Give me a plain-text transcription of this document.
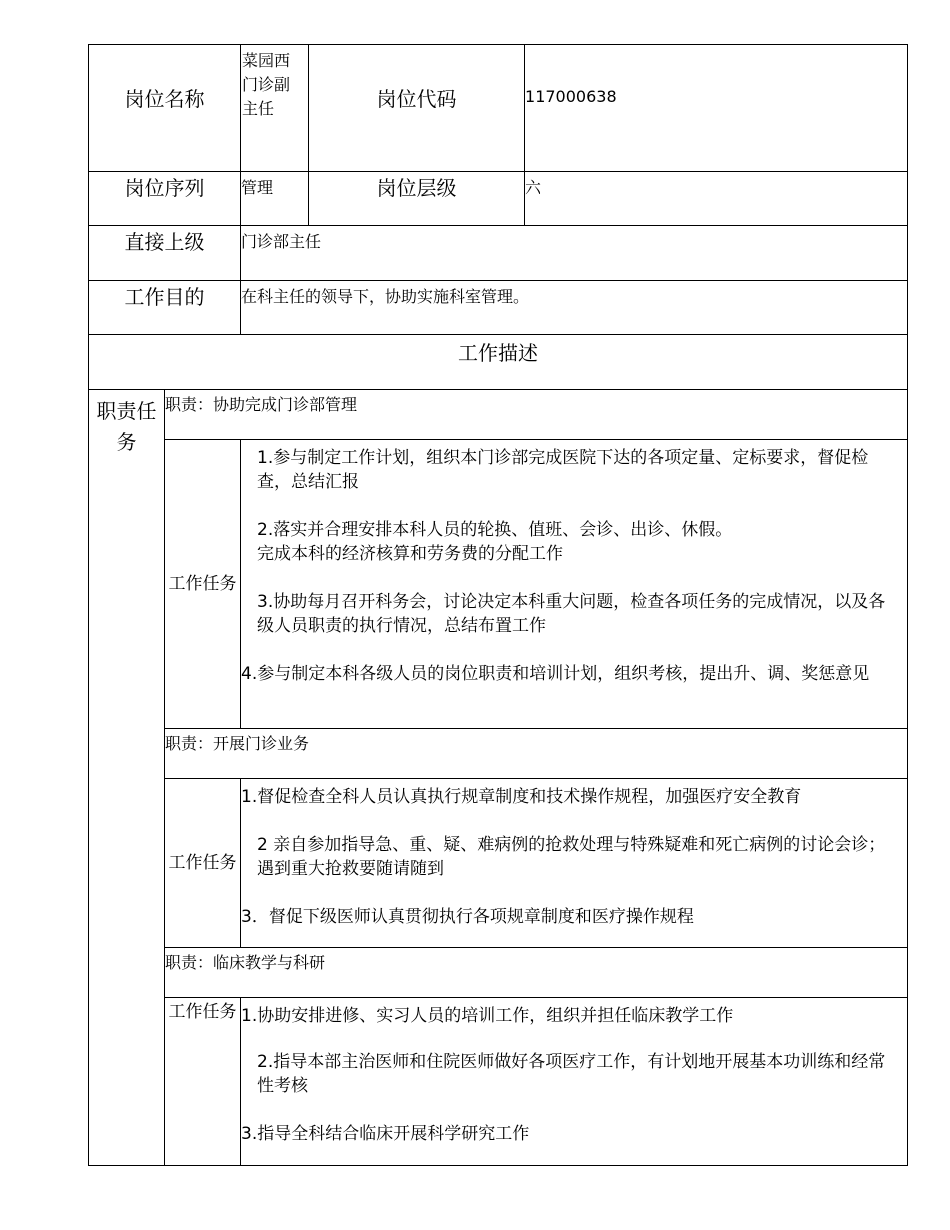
岗位名称		菜园西门诊副主任	岗位代码	117000638
岗位序列		管理	岗位层级	六
直接上级		门诊部主任		
工作目的		在科主任的领导下，协助实施科室管理。		
工作描述				
职责任务	职责：协助完成门诊部管理			
	工作任务	1.参与制定工作计划，组织本门诊部完成医院下达的各项定量、定标要求，督促检查，总结汇报

2.落实并合理安排本科人员的轮换、值班、会诊、出诊、休假。

完成本科的经济核算和劳务费的分配工作

3.协助每月召开科务会，讨论决定本科重大问题，检查各项任务的完成情况，以及各级人员职责的执行情况，总结布置工作

4.参与制定本科各级人员的岗位职责和培训计划，组织考核，提出升、调、奖惩意见		

	职责：开展门诊业务			
	工作任务	1.督促检查全科人员认真执行规章制度和技术操作规程，加强医疗安全教育

2 亲自参加指导急、重、疑、难病例的抢救处理与特殊疑难和死亡病例的讨论会诊；遇到重大抢救要随请随到

3．督促下级医师认真贯彻执行各项规章制度和医疗操作规程		

	职责：临床教学与科研			
	工作任务	1.协助安排进修、实习人员的培训工作，组织并担任临床教学工作

2.指导本部主治医师和住院医师做好各项医疗工作，有计划地开展基本功训练和经常性考核

3.指导全科结合临床开展科学研究工作		
